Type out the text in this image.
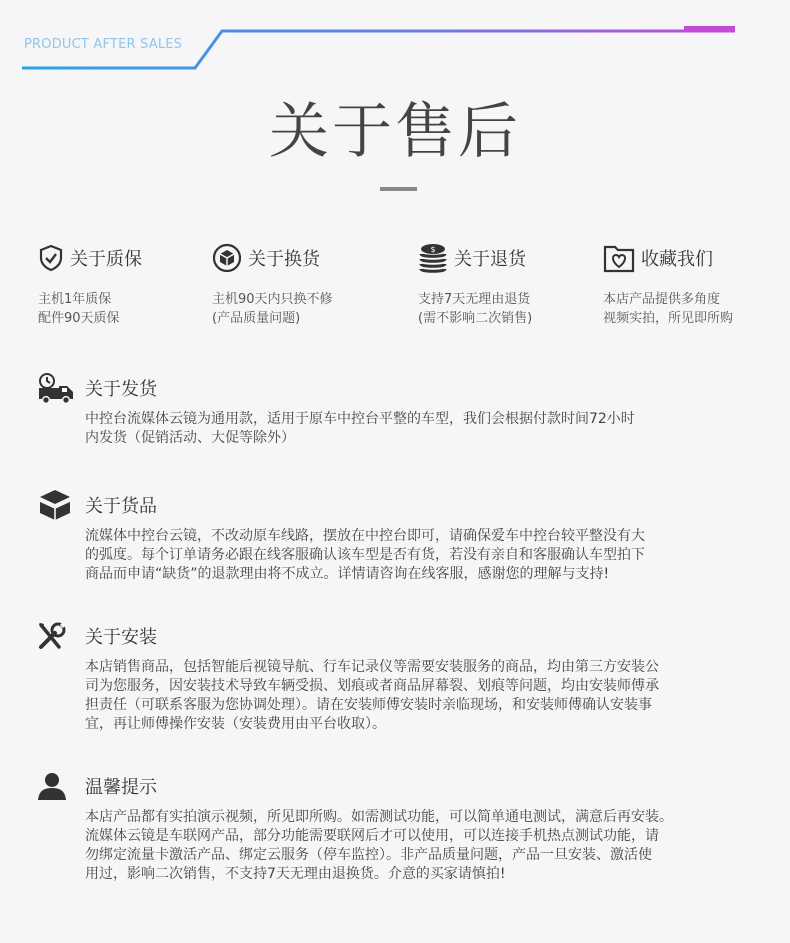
PRODUCT AFTER SALES
关于售后
关于质保
主机1年质保
配件90天质保
关于换货
主机90天内只换不修
(产品质量问题)
$ 关于退货
支持7天无理由退货
(需不影响二次销售)
收藏我们
本店产品提供多角度
视频实拍，所见即所购
关于发货
中控台流媒体云镜为通用款，适用于原车中控台平整的车型，我们会根据付款时间72小时
内发货（促销活动、大促等除外）
关于货品
流媒体中控台云镜，不改动原车线路，摆放在中控台即可，请确保爱车中控台较平整没有大
的弧度。每个订单请务必跟在线客服确认该车型是否有货，若没有亲自和客服确认车型拍下
商品而申请“缺货”的退款理由将不成立。详情请咨询在线客服，感谢您的理解与支持!
关于安装
本店销售商品，包括智能后视镜导航、行车记录仪等需要安装服务的商品，均由第三方安装公
司为您服务，因安装技术导致车辆受损、划痕或者商品屏幕裂、划痕等问题，均由安装师傅承
担责任（可联系客服为您协调处理）。请在安装师傅安装时亲临现场，和安装师傅确认安装事
宜，再让师傅操作安装（安装费用由平台收取）。
温馨提示
本店产品都有实拍演示视频，所见即所购。如需测试功能，可以简单通电测试，满意后再安装。
流媒体云镜是车联网产品，部分功能需要联网后才可以使用，可以连接手机热点测试功能，请
勿绑定流量卡激活产品、绑定云服务（停车监控）。非产品质量问题，产品一旦安装、激活使
用过，影响二次销售，不支持7天无理由退换货。介意的买家请慎拍!
